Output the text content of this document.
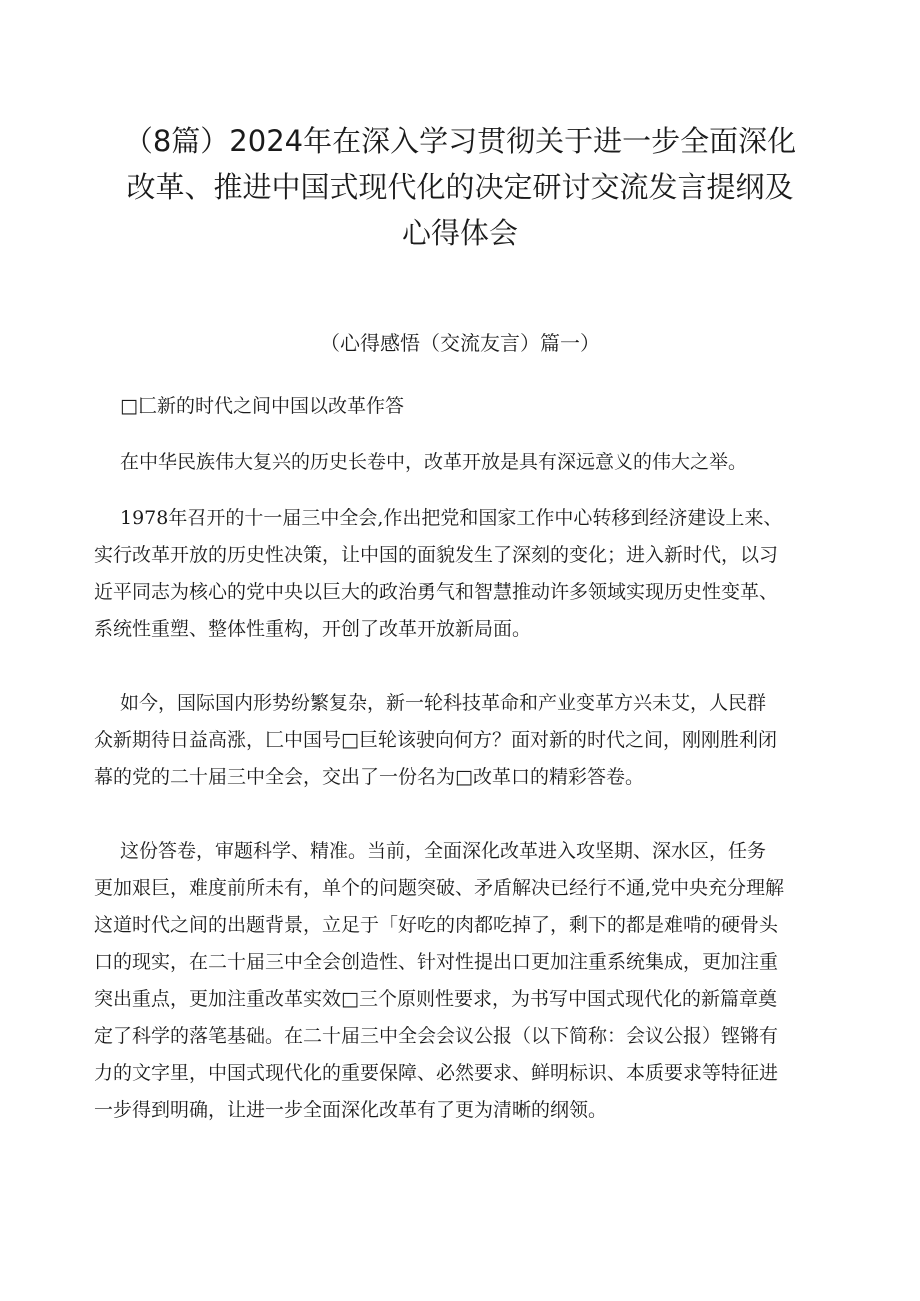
（8篇）2024年在深入学习贯彻关于进一步全面深化
改革、推进中国式现代化的决定研讨交流发言提纲及
心得体会
（心得感悟（交流友言）篇一）
□匚新的时代之间中国以改革作答
在中华民族伟大复兴的历史长卷中，改革开放是具有深远意义的伟大之举。
1978年召开的十一届三中全会,作出把党和国家工作中心转移到经济建设上来、
实行改革开放的历史性决策，让中国的面貌发生了深刻的变化；进入新时代，以习
近平同志为核心的党中央以巨大的政治勇气和智慧推动许多领域实现历史性变革、
系统性重塑、整体性重构，开创了改革开放新局面。
如今，国际国内形势纷繁复杂，新一轮科技革命和产业变革方兴未艾，人民群
众新期待日益高涨，匚中国号□巨轮该驶向何方？面对新的时代之间，刚刚胜利闭
幕的党的二十届三中全会，交出了一份名为□改革口的精彩答卷。
这份答卷，审题科学、精准。当前，全面深化改革进入攻坚期、深水区，任务
更加艰巨，难度前所未有，单个的问题突破、矛盾解决已经行不通,党中央充分理解
这道时代之间的出题背景，立足于「好吃的肉都吃掉了，剩下的都是难啃的硬骨头
口的现实，在二十届三中全会创造性、针对性提出口更加注重系统集成，更加注重
突出重点，更加注重改革实效□三个原则性要求，为书写中国式现代化的新篇章奠
定了科学的落笔基础。在二十届三中全会会议公报（以下简称：会议公报）铿锵有
力的文字里，中国式现代化的重要保障、必然要求、鲜明标识、本质要求等特征进
一步得到明确，让进一步全面深化改革有了更为清晰的纲领。
